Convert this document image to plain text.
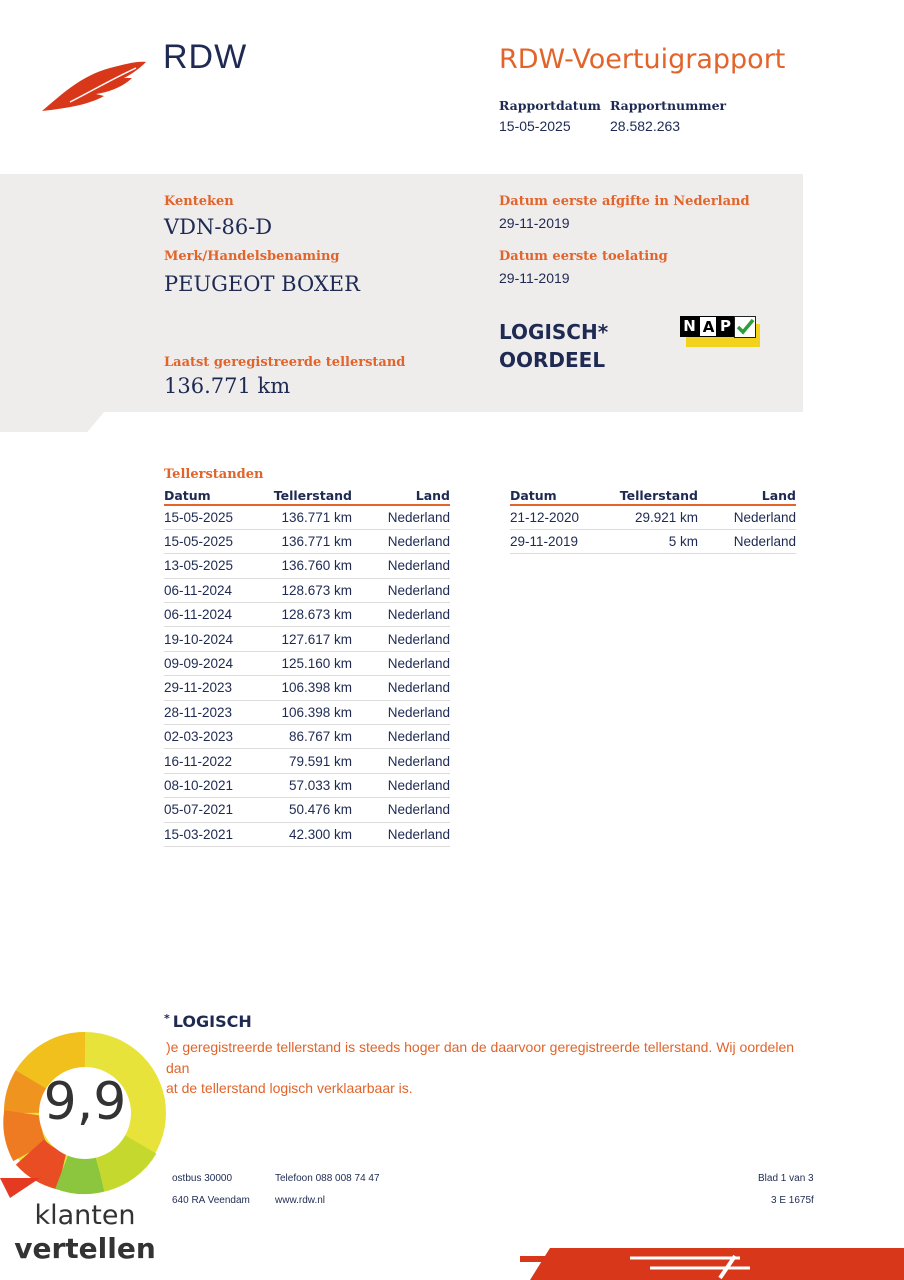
RDW	RDW-Voertuigrapport
Rapportdatum
15-05-2025
Rapportnummer
28.582.263
Kenteken
VDN-86-D
Merk/Handelsbenaming
PEUGEOT BOXER
Laatst geregistreerde tellerstand
136.771 km
Datum eerste afgifte in Nederland
29-11-2019
Datum eerste toelating
29-11-2019
LOGISCH*
OORDEEL
N A P
Tellerstanden
Datum	Tellerstand	Land
15-05-2025	136.771 km	Nederland
15-05-2025	136.771 km	Nederland
13-05-2025	136.760 km	Nederland
06-11-2024	128.673 km	Nederland
06-11-2024	128.673 km	Nederland
19-10-2024	127.617 km	Nederland
09-09-2024	125.160 km	Nederland
29-11-2023	106.398 km	Nederland
28-11-2023	106.398 km	Nederland
02-03-2023	86.767 km	Nederland
16-11-2022	79.591 km	Nederland
08-10-2021	57.033 km	Nederland
05-07-2021	50.476 km	Nederland
15-03-2021	42.300 km	Nederland
Datum	Tellerstand	Land
21-12-2020	29.921 km	Nederland
29-11-2019	5 km	Nederland
* LOGISCH
)e geregistreerde tellerstand is steeds hoger dan de daarvoor geregistreerde tellerstand. Wij oordelen dan
at de tellerstand logisch verklaarbaar is.
ostbus 30000
640 RA Veendam
Telefoon 088 008 74 47
www.rdw.nl
Blad 1 van 3
3 E 1675f
9,9
klanten
vertellen
